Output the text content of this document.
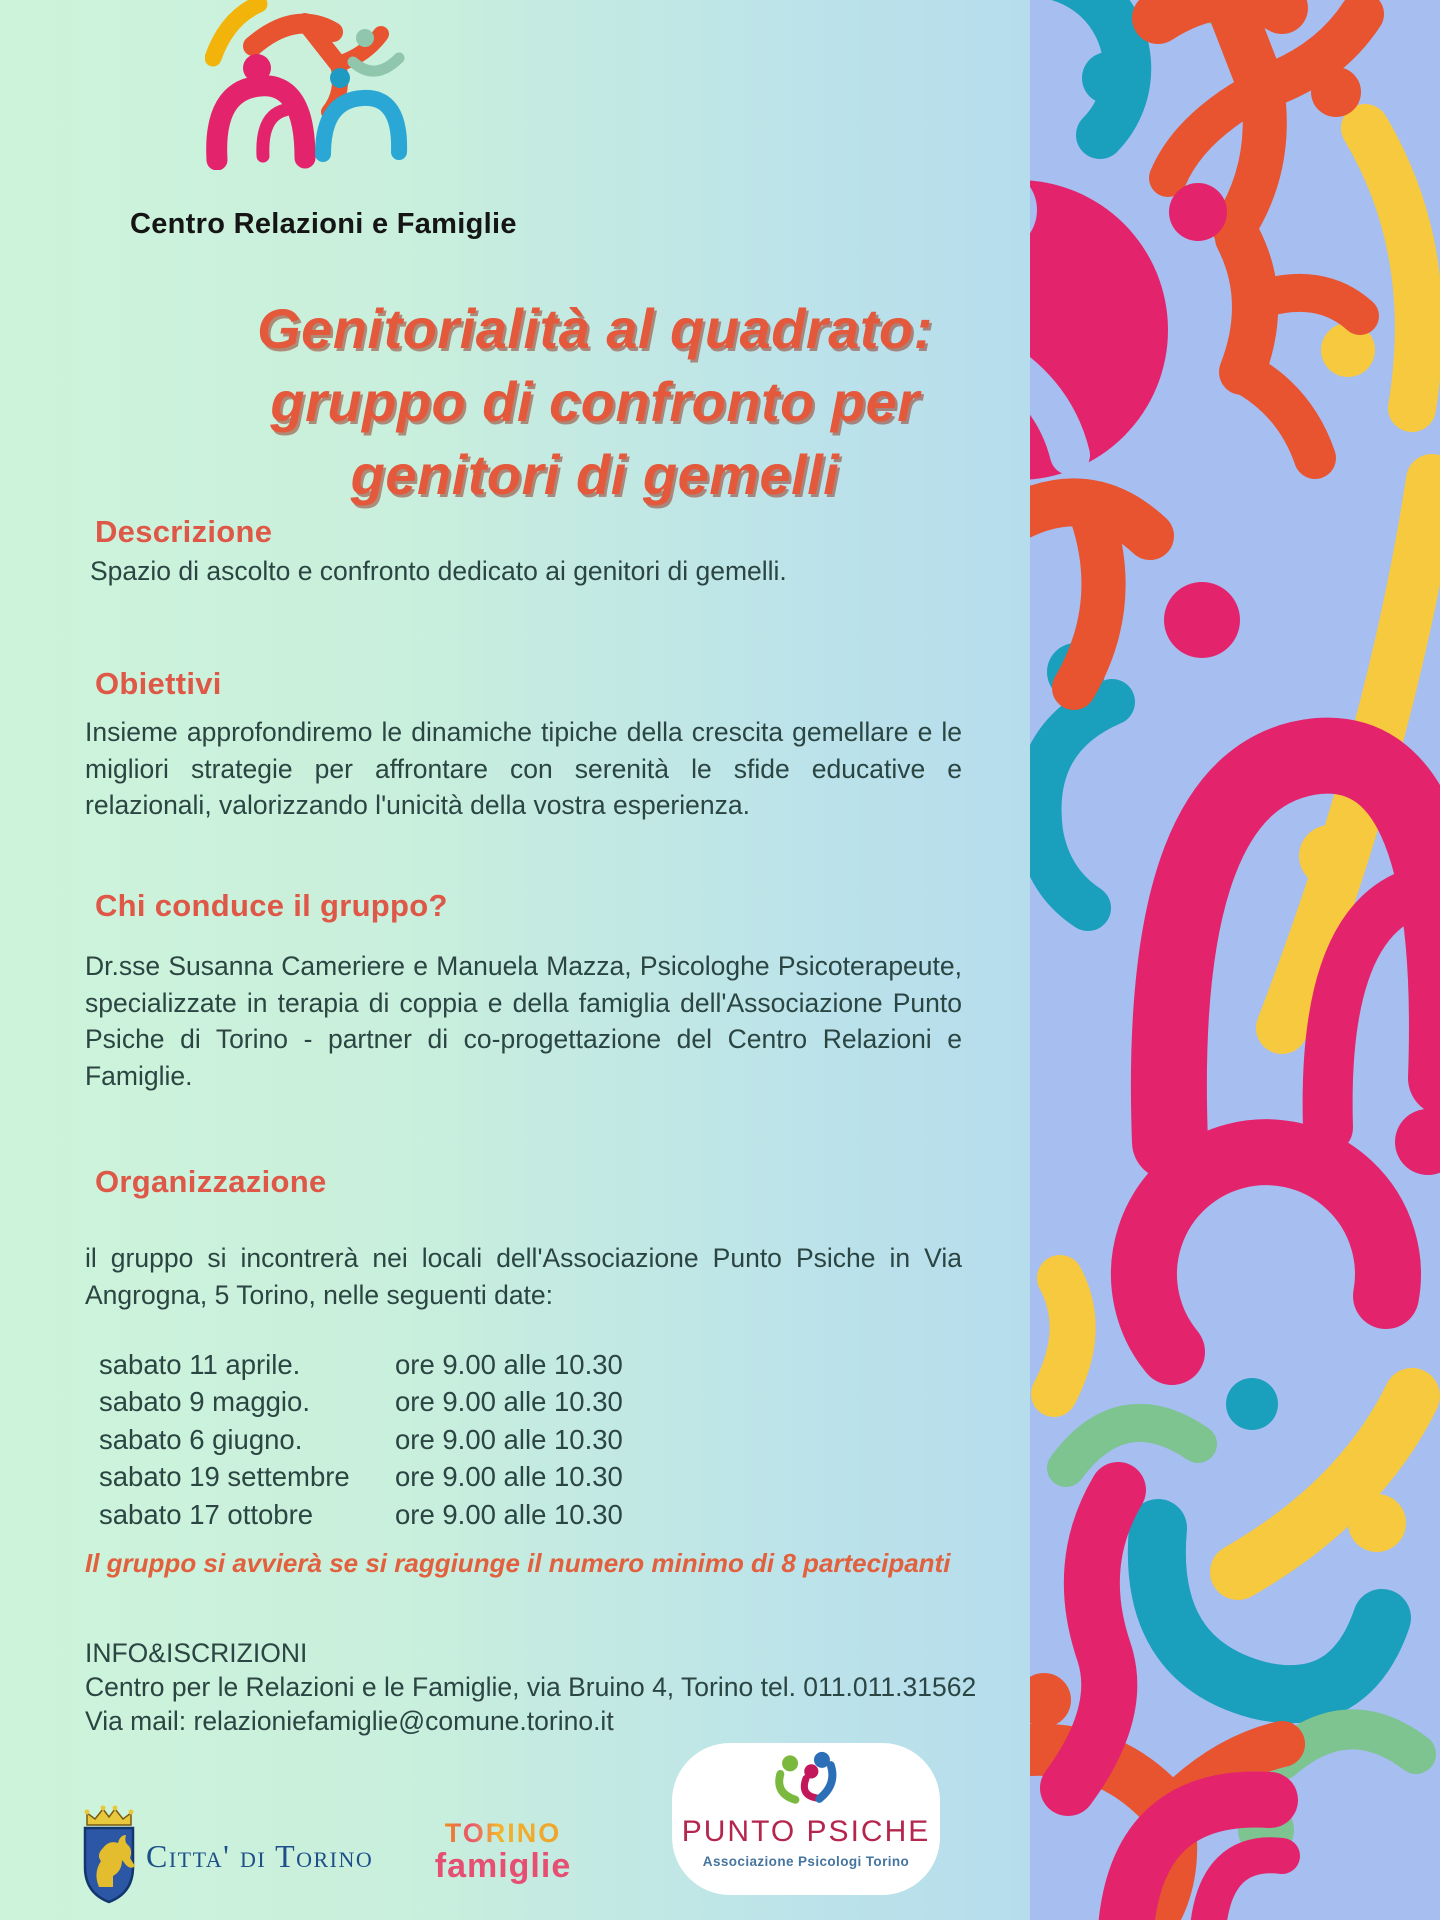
Centro Relazioni e Famiglie
Genitorialità al quadrato:
gruppo di confronto per
genitori di gemelli
Descrizione

Spazio di ascolto e confronto dedicato ai genitori di gemelli.

Obiettivi

Insieme approfondiremo le dinamiche tipiche della crescita gemellare e le migliori strategie per affrontare con serenità le sfide educative e relazionali, valorizzando l'unicità della vostra esperienza.

Chi conduce il gruppo?

Dr.sse Susanna Cameriere e Manuela Mazza, Psicologhe Psicoterapeute, specializzate in terapia di coppia e della famiglia dell'Associazione Punto Psiche di Torino - partner di co-progettazione del Centro Relazioni e Famiglie.

Organizzazione

il gruppo si incontrerà nei locali dell'Associazione Punto Psiche in Via Angrogna, 5 Torino, nelle seguenti date:

sabato 11 aprile.	ore 9.00 alle 10.30
sabato 9 maggio.	ore 9.00 alle 10.30
sabato 6 giugno.	ore 9.00 alle 10.30
sabato 19 settembre	ore 9.00 alle 10.30
sabato 17 ottobre	ore 9.00 alle 10.30

Il gruppo si avvierà se si raggiunge il numero minimo di 8 partecipanti

INFO&ISCRIZIONI
Centro per le Relazioni e le Famiglie, via Bruino 4, Torino tel. 011.011.31562
Via mail: relazioniefamiglie@comune.torino.it
Citta' di Torino
TORINO
famiglie
PUNTO PSICHE
Associazione Psicologi Torino
